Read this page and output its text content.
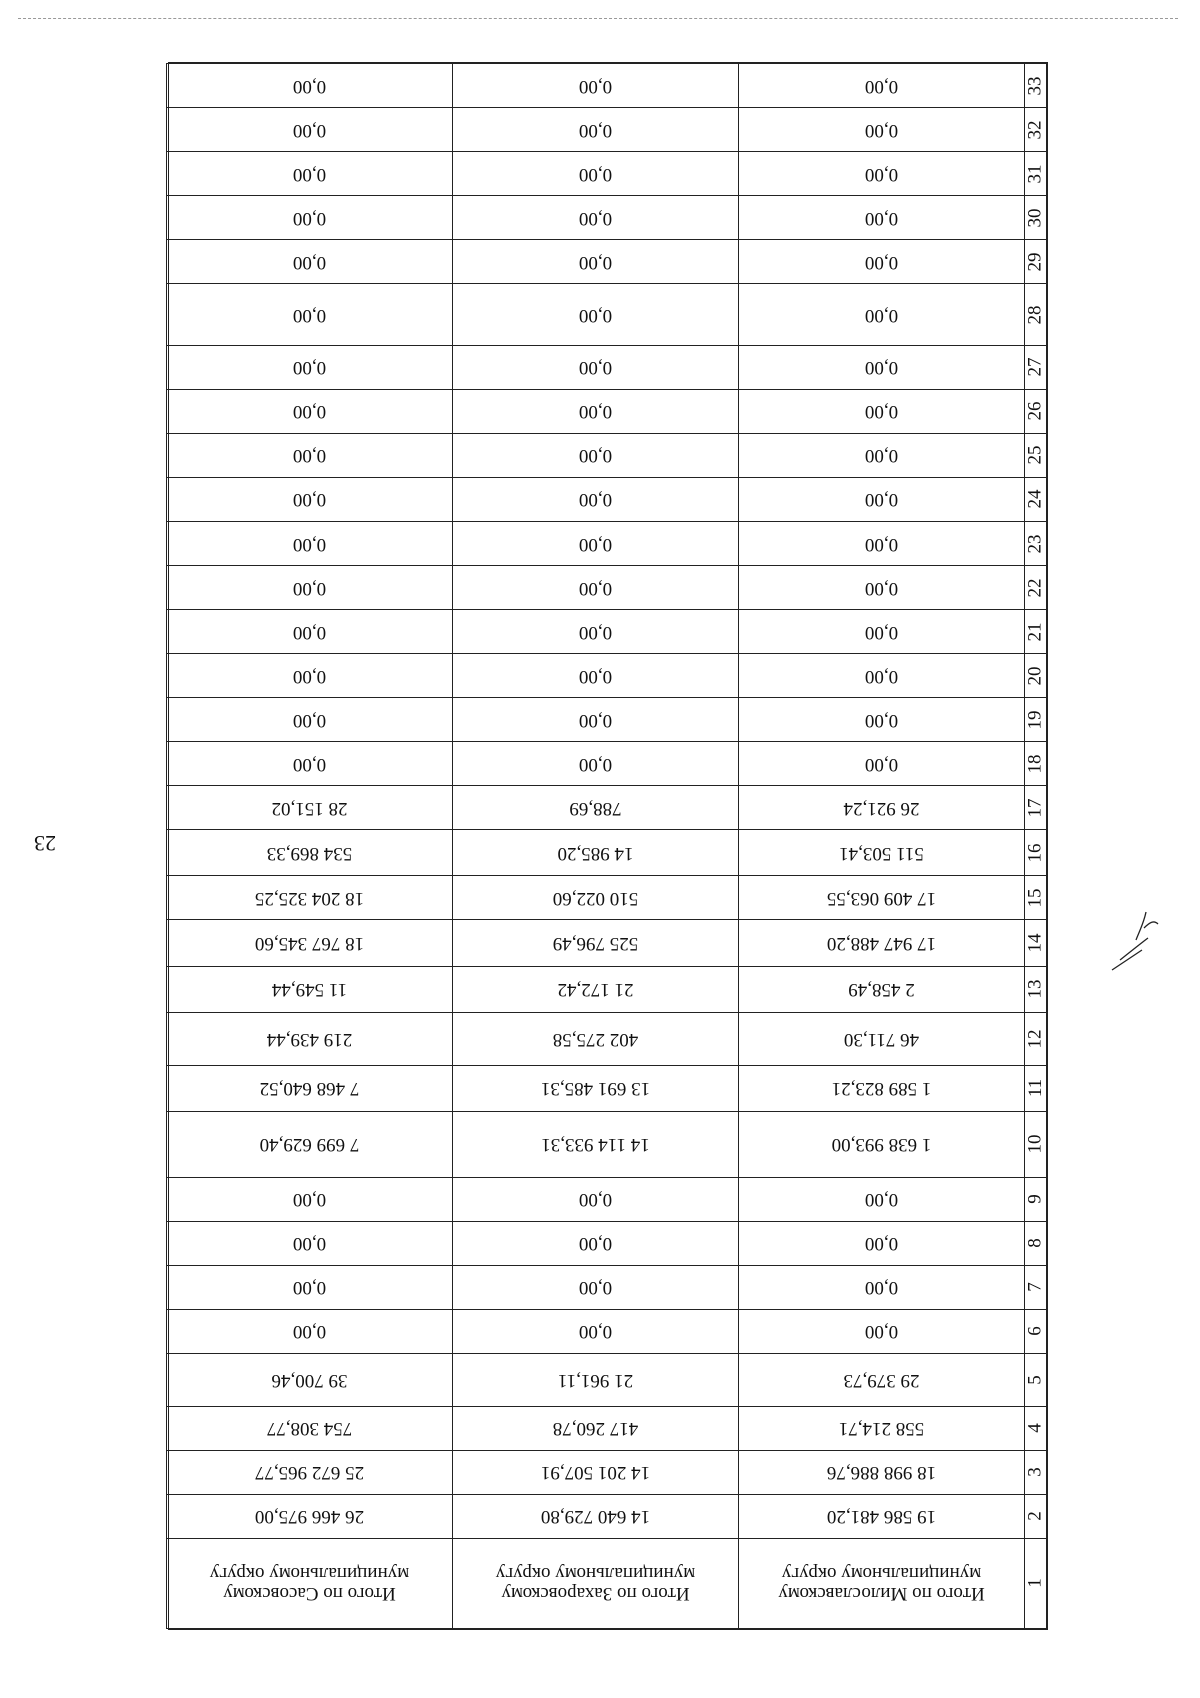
23
1	Итого по Милославскому муниципальному округу	Итого по Захаровскому муниципальному округу	Итого по Сасовскому муниципальному округу
2	19 586 481,20	14 640 729,80	26 466 975,00
3	18 998 886,76	14 201 507,91	25 672 965,77
4	558 214,71	417 260,78	754 308,77
5	29 379,73	21 961,11	39 700,46
6	0,00	0,00	0,00
7	0,00	0,00	0,00
8	0,00	0,00	0,00
9	0,00	0,00	0,00
10	1 638 993,00	14 114 933,31	7 699 629,40
11	1 589 823,21	13 691 485,31	7 468 640,52
12	46 711,30	402 275,58	219 439,44
13	2 458,49	21 172,42	11 549,44
14	17 947 488,20	525 796,49	18 767 345,60
15	17 409 063,55	510 022,60	18 204 325,25
16	511 503,41	14 985,20	534 869,33
17	26 921,24	788,69	28 151,02
18	0,00	0,00	0,00
19	0,00	0,00	0,00
20	0,00	0,00	0,00
21	0,00	0,00	0,00
22	0,00	0,00	0,00
23	0,00	0,00	0,00
24	0,00	0,00	0,00
25	0,00	0,00	0,00
26	0,00	0,00	0,00
27	0,00	0,00	0,00
28	0,00	0,00	0,00
29	0,00	0,00	0,00
30	0,00	0,00	0,00
31	0,00	0,00	0,00
32	0,00	0,00	0,00
33	0,00	0,00	0,00
